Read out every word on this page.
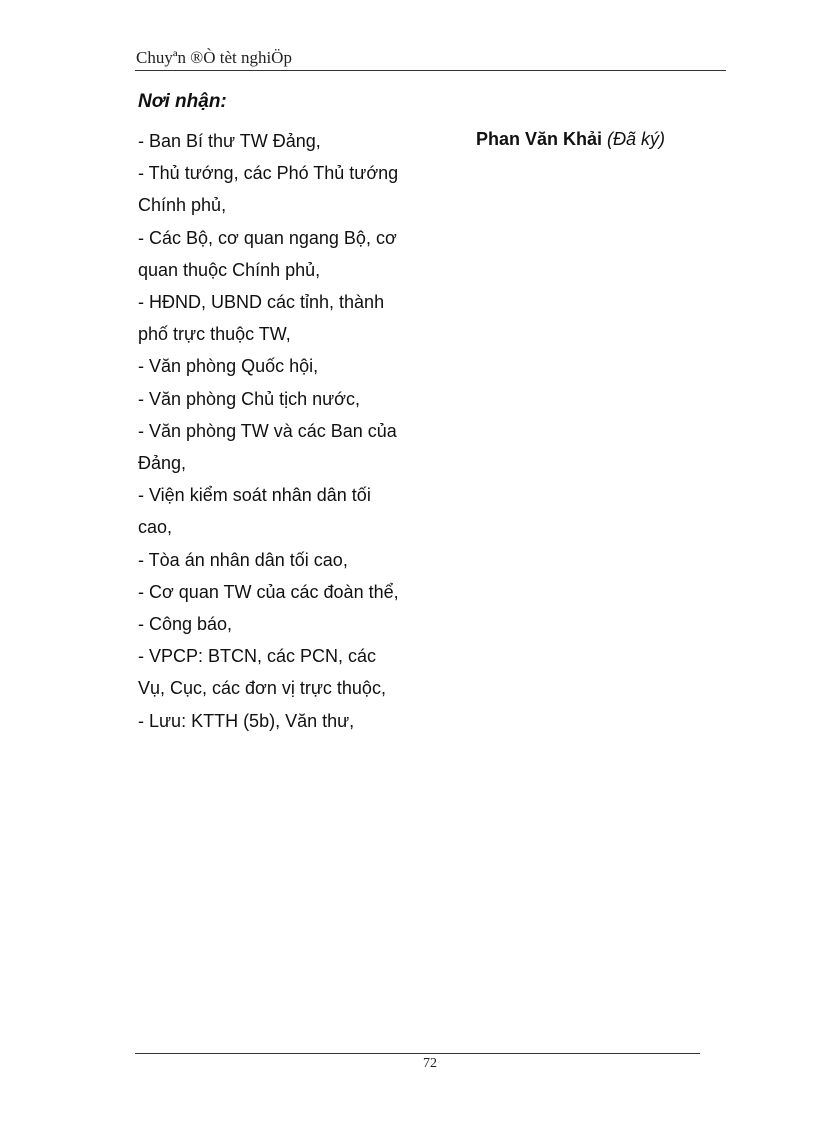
Chuyªn ®Ò tèt nghiÖp
Nơi nhận:
- Ban Bí thư TW Đảng,
- Thủ tướng, các Phó Thủ tướng
Chính phủ,
- Các Bộ, cơ quan ngang Bộ, cơ
quan thuộc Chính phủ,
- HĐND, UBND các tỉnh, thành
phố trực thuộc TW,
- Văn phòng Quốc hội,
- Văn phòng Chủ tịch nước,
- Văn phòng TW và các Ban của
Đảng,
- Viện kiểm soát nhân dân tối
cao,
- Tòa án nhân dân tối cao,
- Cơ quan TW của các đoàn thể,
- Công báo,
- VPCP: BTCN, các PCN, các
Vụ, Cục, các đơn vị trực thuộc,
- Lưu: KTTH (5b), Văn thư,
Phan Văn Khải (Đã ký)
72
